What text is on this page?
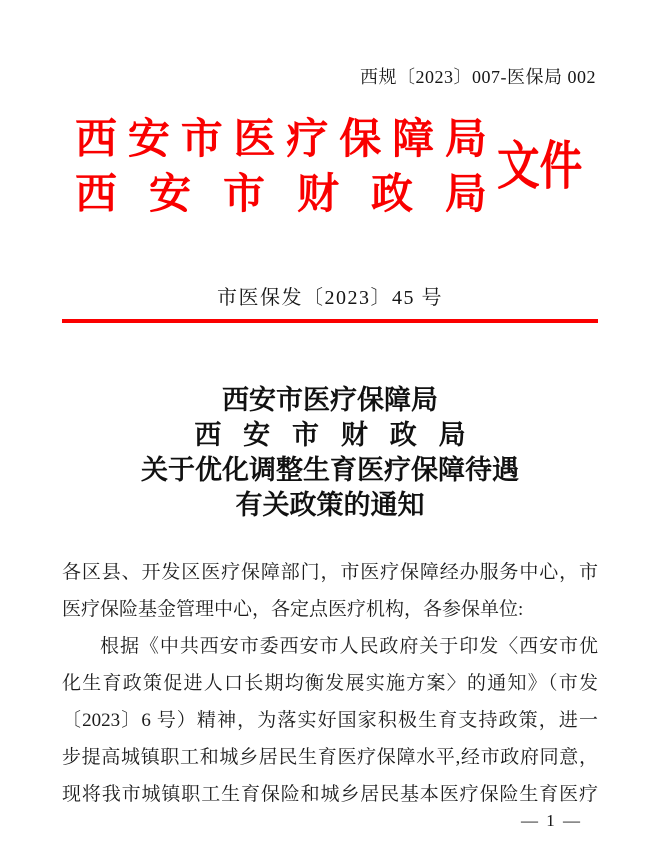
西规〔2023〕007-医保局 002
西 安 市 医 疗 保 障 局
西 安 市 财 政 局 文件
市医保发〔2023〕45 号
西安市医疗保障局
西 安 市 财 政 局
关于优化调整生育医疗保障待遇
有关政策的通知
各区县、开发区医疗保障部门，市医疗保障经办服务中心，市
医疗保险基金管理中心，各定点医疗机构，各参保单位:
根据《中共西安市委西安市人民政府关于印发〈西安市优
化生育政策促进人口长期均衡发展实施方案〉的通知》（市发
〔2023〕6 号）精神，为落实好国家积极生育支持政策，进一
步提高城镇职工和城乡居民生育医疗保障水平,经市政府同意，
现将我市城镇职工生育保险和城乡居民基本医疗保险生育医疗
— 1 —
